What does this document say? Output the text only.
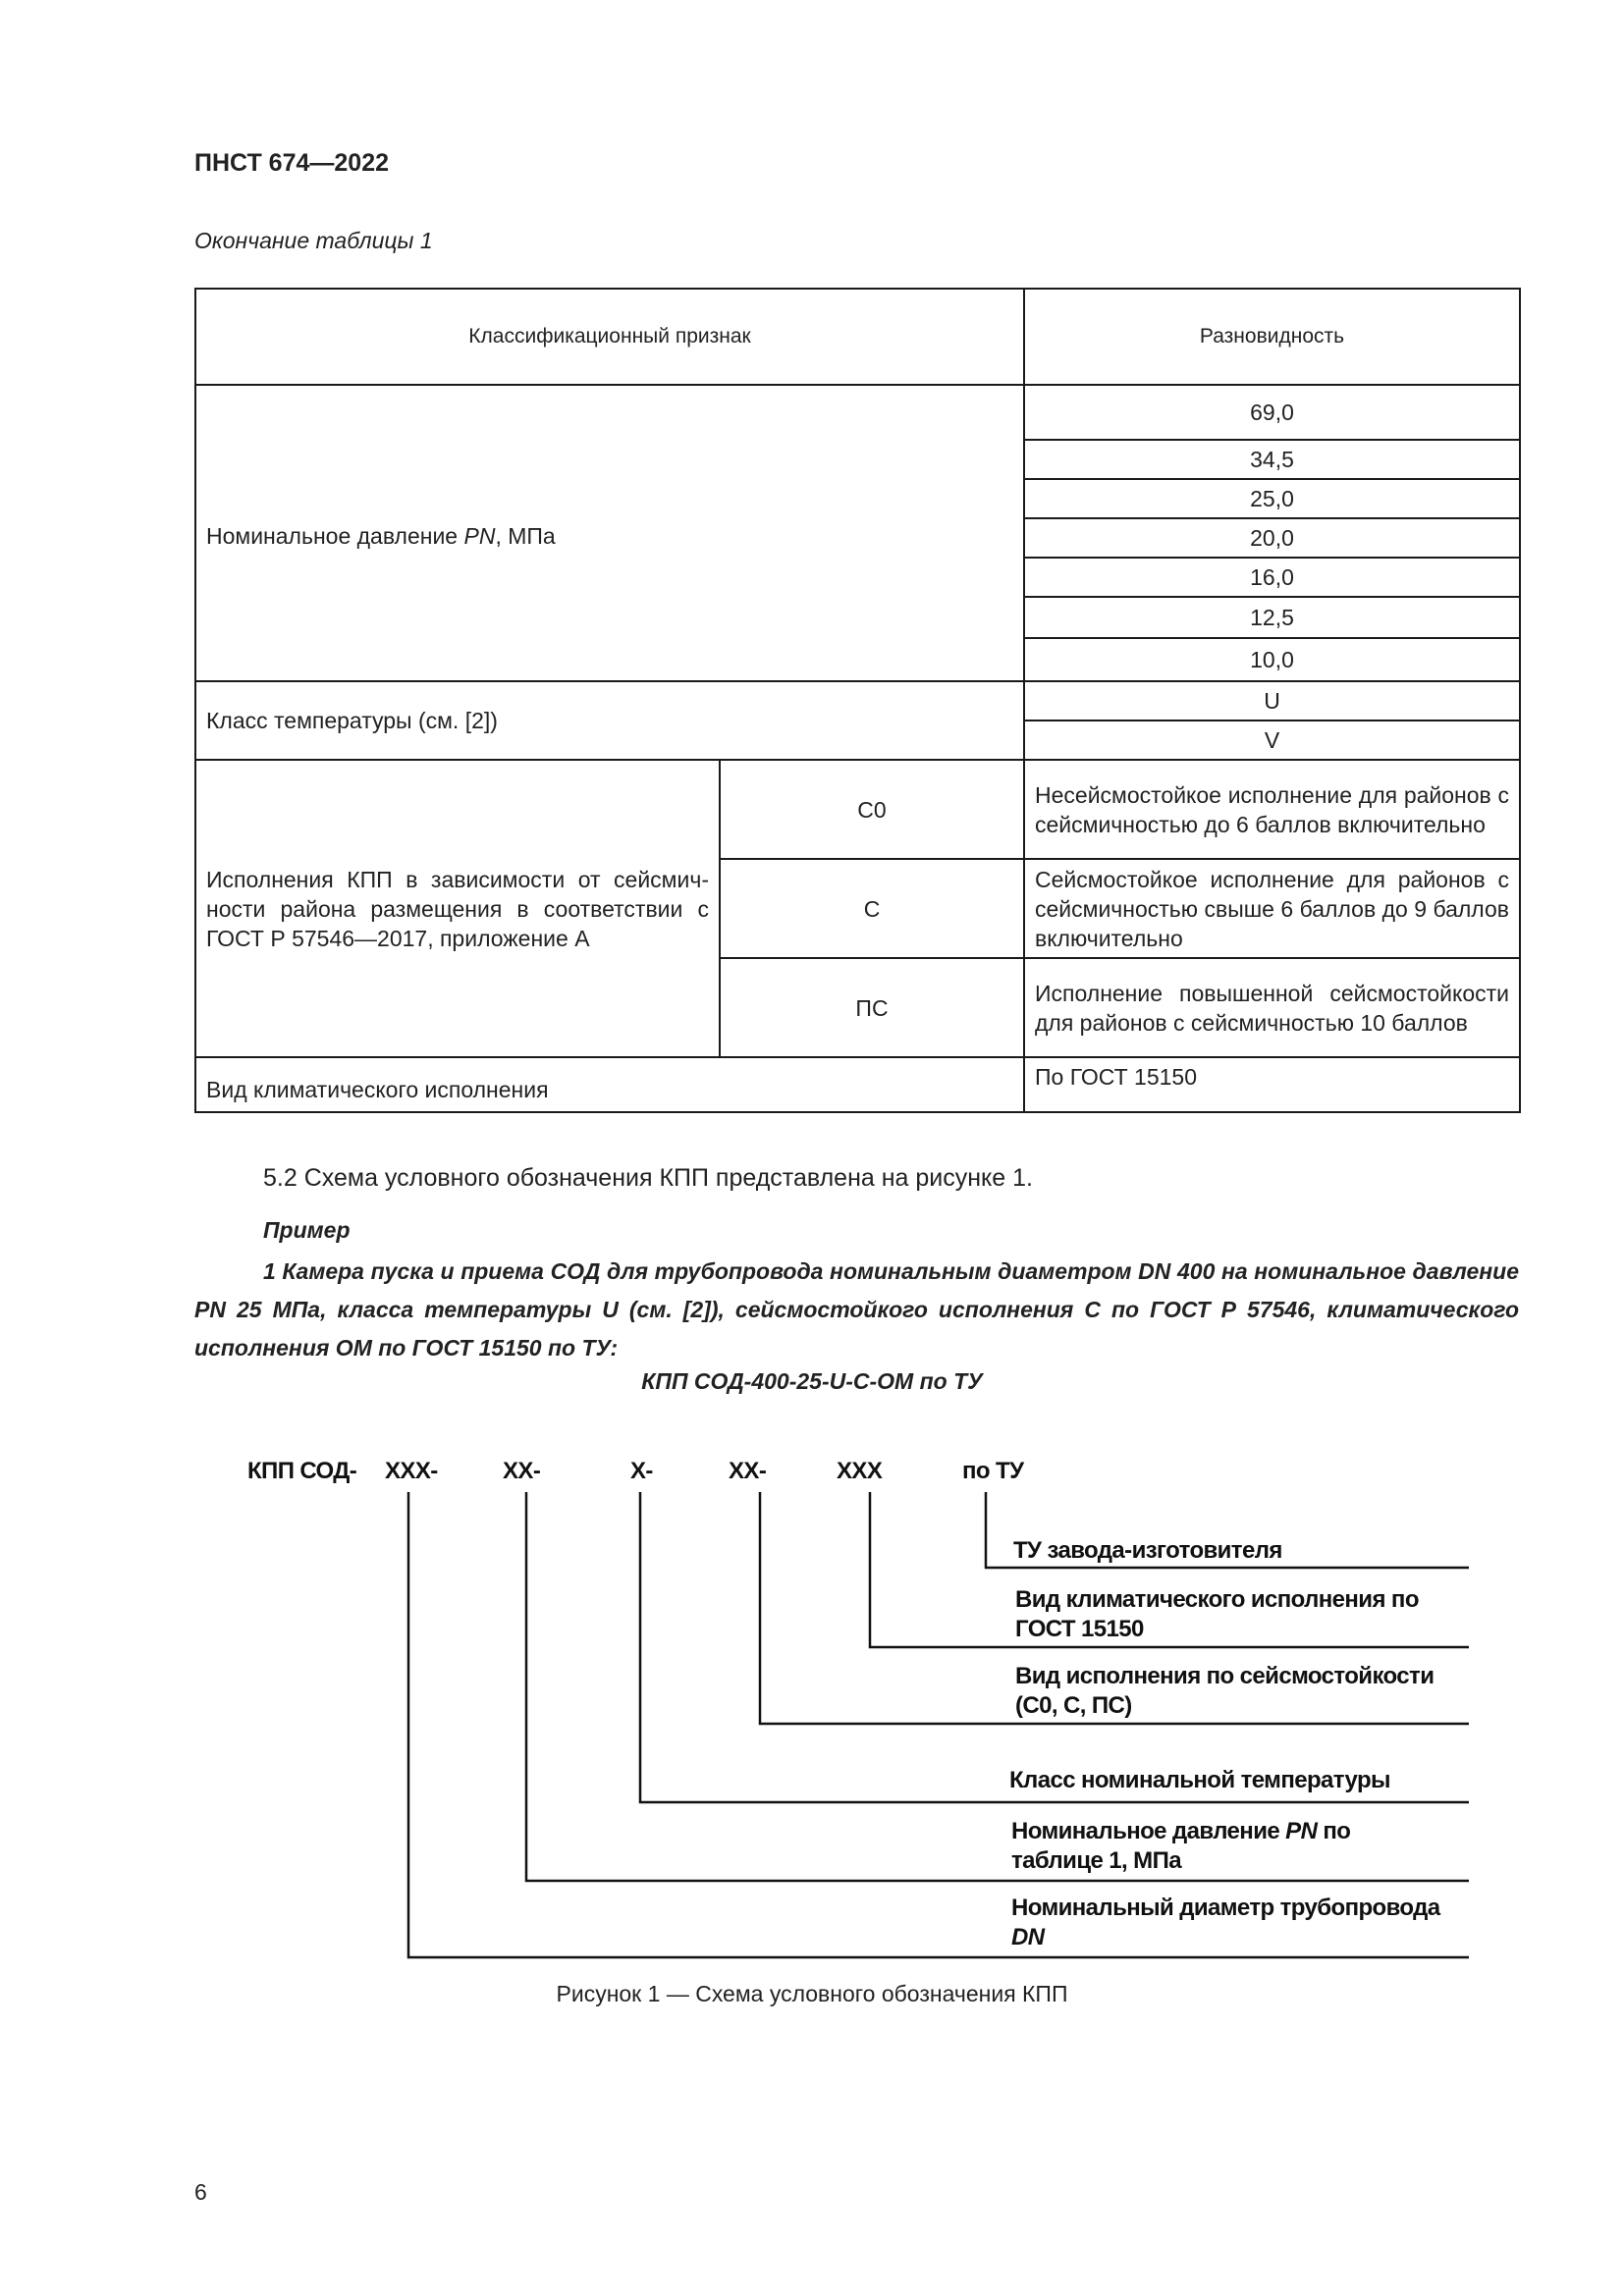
ПНСТ 674—2022
Окончание таблицы 1
Классификационный признак		Разновидность
Номинальное давление PN, МПа		69,0
		34,5
		25,0
		20,0
		16,0
		12,5
		10,0
Класс температуры (см. [2])		U
		V
Исполнения КПП в зависимости от сейсмичности района размещения в соответствии с ГОСТ Р 57546—2017, приложение А	С0	Несейсмостойкое исполнение для районов с сейсмичностью до 6 баллов включительно
	С	Сейсмостойкое исполнение для районов с сейсмичностью свыше 6 баллов до 9 баллов включительно
	ПС	Исполнение повышенной сейсмостойкости для районов с сейсмичностью 10 баллов
Вид климатического исполнения		По ГОСТ 15150
5.2 Схема условного обозначения КПП представлена на рисунке 1.
Пример
1 Камера пуска и приема СОД для трубопровода номинальным диаметром DN 400 на номинальное давление PN 25 МПа, класса температуры U (см. [2]), сейсмостойкого исполнения С по ГОСТ Р 57546, климатического исполнения ОМ по ГОСТ 15150 по ТУ:
КПП СОД-400-25-U-С-ОМ по ТУ
КПП СОД- XXX-	XX-	X-	XX-	XXX	по ТУ
ТУ завода-изготовителя
Вид климатического исполнения по
ГОСТ 15150
Вид исполнения по сейсмостойкости
(С0, С, ПС)
Класс номинальной температуры
Номинальное давление PN по
таблице 1, МПа
Номинальный диаметр трубопровода
DN
Рисунок 1 — Схема условного обозначения КПП
6
